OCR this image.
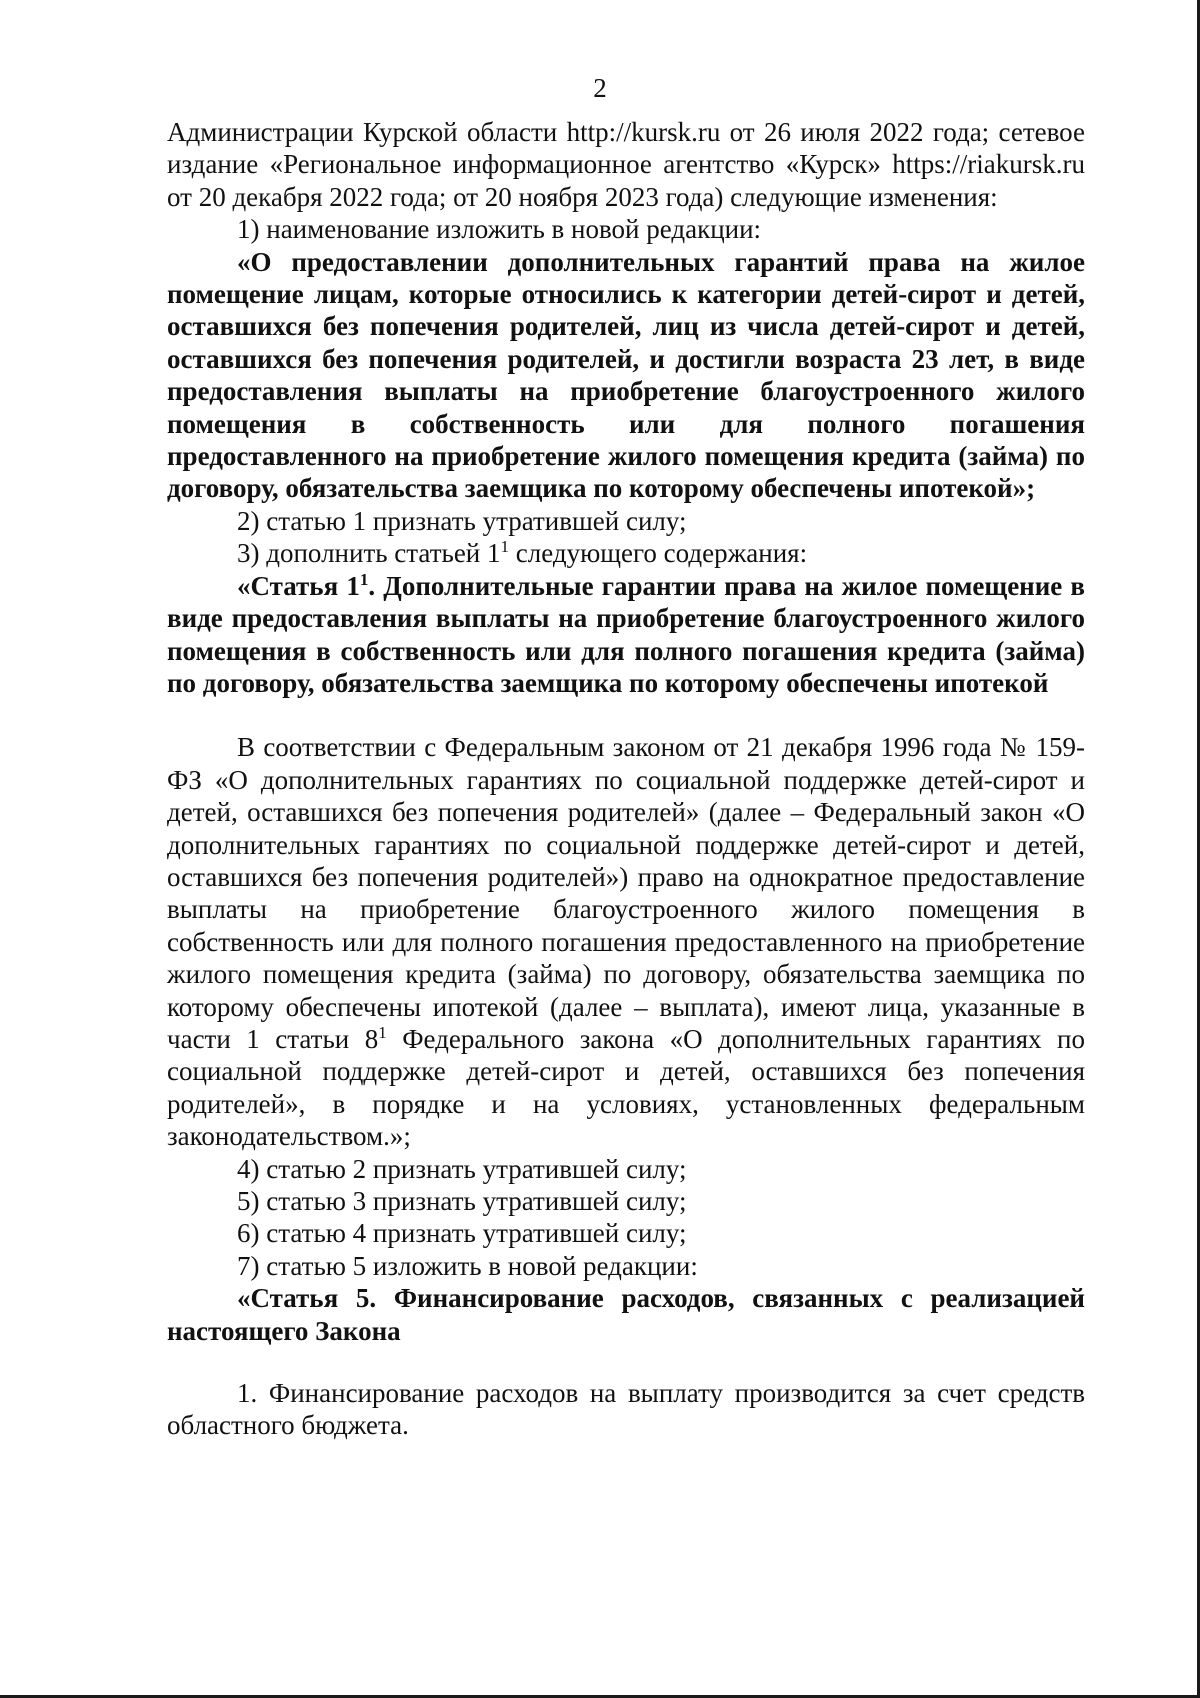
2

Администрации Курской области http://kursk.ru от 26 июля 2022 года; сетевое издание «Региональное информационное агентство «Курск» https://riakursk.ru от 20 декабря 2022 года; от 20 ноября 2023 года) следующие изменения:

1) наименование изложить в новой редакции:

«О предоставлении дополнительных гарантий права на жилое помещение лицам, которые относились к категории детей-сирот и детей, оставшихся без попечения родителей, лиц из числа детей-сирот и детей, оставшихся без попечения родителей, и достигли возраста 23 лет, в виде предоставления выплаты на приобретение благоустроенного жилого помещения в собственность или для полного погашения предоставленного на приобретение жилого помещения кредита (займа) по договору, обязательства заемщика по которому обеспечены ипотекой»;

2) статью 1 признать утратившей силу;

3) дополнить статьей $1^1$ следующего содержания:

«Статья $1^1$. Дополнительные гарантии права на жилое помещение в виде предоставления выплаты на приобретение благоустроенного жилого помещения в собственность или для полного погашения кредита (займа) по договору, обязательства заемщика по которому обеспечены ипотекой

В соответствии с Федеральным законом от 21 декабря 1996 года № 159-ФЗ «О дополнительных гарантиях по социальной поддержке детей-сирот и детей, оставшихся без попечения родителей» (далее – Федеральный закон «О дополнительных гарантиях по социальной поддержке детей-сирот и детей, оставшихся без попечения родителей») право на однократное предоставление выплаты на приобретение благоустроенного жилого помещения в собственность или для полного погашения предоставленного на приобретение жилого помещения кредита (займа) по договору, обязательства заемщика по которому обеспечены ипотекой (далее – выплата), имеют лица, указанные в части 1 статьи $8^1$ Федерального закона «О дополнительных гарантиях по социальной поддержке детей-сирот и детей, оставшихся без попечения родителей», в порядке и на условиях, установленных федеральным законодательством.»;

4) статью 2 признать утратившей силу;

5) статью 3 признать утратившей силу;

6) статью 4 признать утратившей силу;

7) статью 5 изложить в новой редакции:

«Статья 5. Финансирование расходов, связанных с реализацией настоящего Закона

1. Финансирование расходов на выплату производится за счет средств областного бюджета.
